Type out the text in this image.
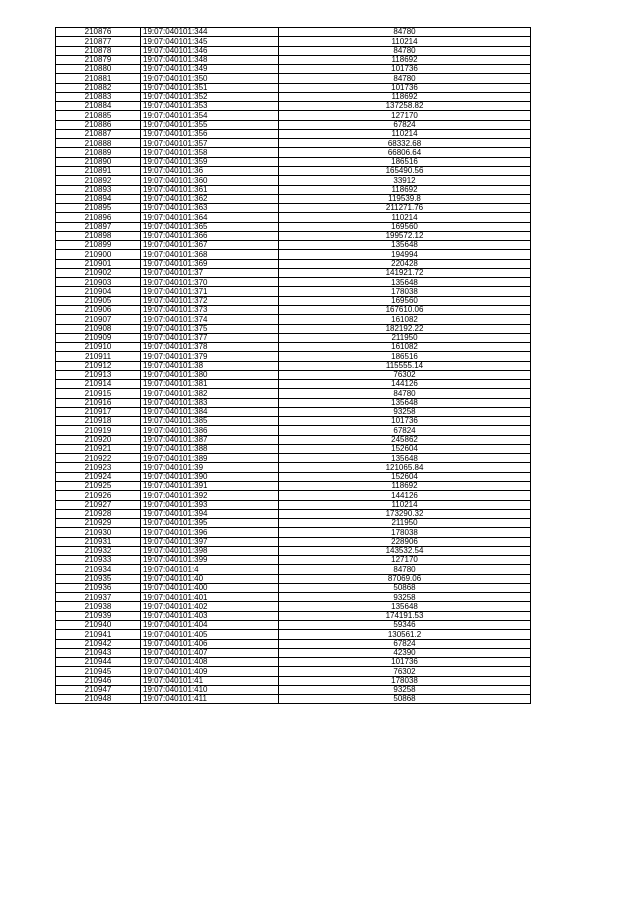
210876	19:07:040101:344	84780
210877	19:07:040101:345	110214
210878	19:07:040101:346	84780
210879	19:07:040101:348	118692
210880	19:07:040101:349	101736
210881	19:07:040101:350	84780
210882	19:07:040101:351	101736
210883	19:07:040101:352	118692
210884	19:07:040101:353	137258.82
210885	19:07:040101:354	127170
210886	19:07:040101:355	67824
210887	19:07:040101:356	110214
210888	19:07:040101:357	68332.68
210889	19:07:040101:358	66806.64
210890	19:07:040101:359	186516
210891	19:07:040101:36	165490.56
210892	19:07:040101:360	33912
210893	19:07:040101:361	118692
210894	19:07:040101:362	119539.8
210895	19:07:040101:363	211271.76
210896	19:07:040101:364	110214
210897	19:07:040101:365	169560
210898	19:07:040101:366	199572.12
210899	19:07:040101:367	135648
210900	19:07:040101:368	194994
210901	19:07:040101:369	220428
210902	19:07:040101:37	141921.72
210903	19:07:040101:370	135648
210904	19:07:040101:371	178038
210905	19:07:040101:372	169560
210906	19:07:040101:373	167610.06
210907	19:07:040101:374	161082
210908	19:07:040101:375	182192.22
210909	19:07:040101:377	211950
210910	19:07:040101:378	161082
210911	19:07:040101:379	186516
210912	19:07:040101:38	115555.14
210913	19:07:040101:380	76302
210914	19:07:040101:381	144126
210915	19:07:040101:382	84780
210916	19:07:040101:383	135648
210917	19:07:040101:384	93258
210918	19:07:040101:385	101736
210919	19:07:040101:386	67824
210920	19:07:040101:387	245862
210921	19:07:040101:388	152604
210922	19:07:040101:389	135648
210923	19:07:040101:39	121065.84
210924	19:07:040101:390	152604
210925	19:07:040101:391	118692
210926	19:07:040101:392	144126
210927	19:07:040101:393	110214
210928	19:07:040101:394	173290.32
210929	19:07:040101:395	211950
210930	19:07:040101:396	178038
210931	19:07:040101:397	228906
210932	19:07:040101:398	143532.54
210933	19:07:040101:399	127170
210934	19:07:040101:4	84780
210935	19:07:040101:40	87069.06
210936	19:07:040101:400	50868
210937	19:07:040101:401	93258
210938	19:07:040101:402	135648
210939	19:07:040101:403	174191.53
210940	19:07:040101:404	59346
210941	19:07:040101:405	130561.2
210942	19:07:040101:406	67824
210943	19:07:040101:407	42390
210944	19:07:040101:408	101736
210945	19:07:040101:409	76302
210946	19:07:040101:41	178038
210947	19:07:040101:410	93258
210948	19:07:040101:411	50868
